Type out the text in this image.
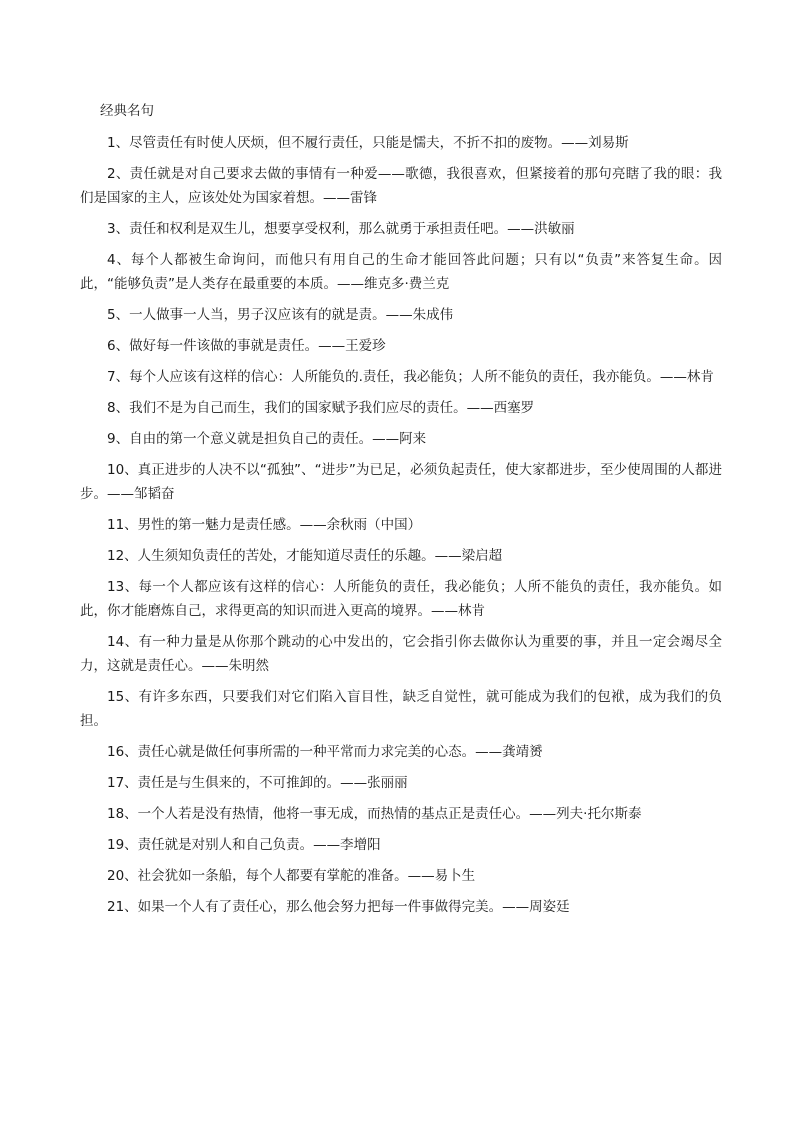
经典名句

1、尽管责任有时使人厌烦，但不履行责任，只能是懦夫，不折不扣的废物。——刘易斯

2、责任就是对自己要求去做的事情有一种爱——歌德，我很喜欢，但紧接着的那句亮瞎了我的眼：我们是国家的主人，应该处处为国家着想。——雷锋

3、责任和权利是双生儿，想要享受权利，那么就勇于承担责任吧。——洪敏丽

4、每个人都被生命询问，而他只有用自己的生命才能回答此问题；只有以“负责”来答复生命。因此，“能够负责”是人类存在最重要的本质。——维克多·费兰克

5、一人做事一人当，男子汉应该有的就是责。——朱成伟

6、做好每一件该做的事就是责任。——王爱珍

7、每个人应该有这样的信心：人所能负的.责任，我必能负；人所不能负的责任，我亦能负。——林肯

8、我们不是为自己而生，我们的国家赋予我们应尽的责任。——西塞罗

9、自由的第一个意义就是担负自己的责任。——阿来

10、真正进步的人决不以“孤独”、“进步”为已足，必须负起责任，使大家都进步，至少使周围的人都进步。——邹韬奋

11、男性的第一魅力是责任感。——余秋雨（中国）

12、人生须知负责任的苦处，才能知道尽责任的乐趣。——梁启超

13、每一个人都应该有这样的信心：人所能负的责任，我必能负；人所不能负的责任，我亦能负。如此，你才能磨炼自己，求得更高的知识而进入更高的境界。——林肯

14、有一种力量是从你那个跳动的心中发出的，它会指引你去做你认为重要的事，并且一定会竭尽全力，这就是责任心。——朱明然

15、有许多东西，只要我们对它们陷入盲目性，缺乏自觉性，就可能成为我们的包袱，成为我们的负担。

16、责任心就是做任何事所需的一种平常而力求完美的心态。——龚靖赟

17、责任是与生俱来的，不可推卸的。——张丽丽

18、一个人若是没有热情，他将一事无成，而热情的基点正是责任心。——列夫·托尔斯泰

19、责任就是对别人和自己负责。——李增阳

20、社会犹如一条船，每个人都要有掌舵的准备。——易卜生

21、如果一个人有了责任心，那么他会努力把每一件事做得完美。——周姿廷
